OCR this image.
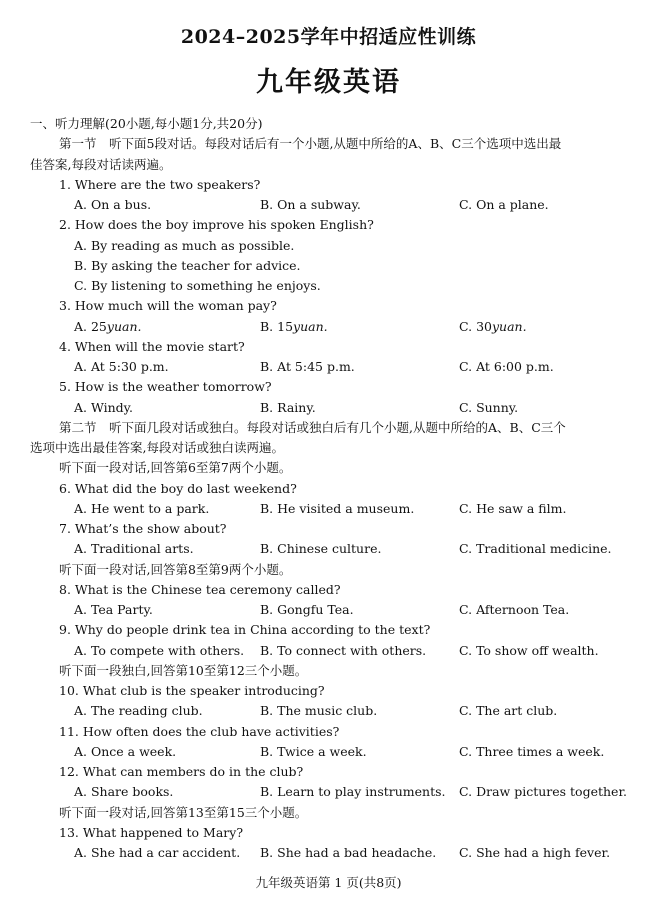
2024–2025学年中招适应性训练
九年级英语
一、听力理解(20小题,每小题1分,共20分)
第一节　听下面5段对话。每段对话后有一个小题,从题中所给的A、B、C三个选项中选出最
佳答案,每段对话读两遍。
1. Where are the two speakers?
A. On a bus.	B. On a subway.	C. On a plane.
2. How does the boy improve his spoken English?
A. By reading as much as possible.
B. By asking the teacher for advice.
C. By listening to something he enjoys.
3. How much will the woman pay?
A. 25yuan.	B. 15yuan.	C. 30yuan.
4. When will the movie start?
A. At 5:30 p.m.	B. At 5:45 p.m.	C. At 6:00 p.m.
5. How is the weather tomorrow?
A. Windy.	B. Rainy.	C. Sunny.
第二节　听下面几段对话或独白。每段对话或独白后有几个小题,从题中所给的A、B、C三个
选项中选出最佳答案,每段对话或独白读两遍。
听下面一段对话,回答第6至第7两个小题。
6. What did the boy do last weekend?
A. He went to a park.	B. He visited a museum.	C. He saw a film.
7. What’s the show about?
A. Traditional arts.	B. Chinese culture.	C. Traditional medicine.
听下面一段对话,回答第8至第9两个小题。
8. What is the Chinese tea ceremony called?
A. Tea Party.	B. Gongfu Tea.	C. Afternoon Tea.
9. Why do people drink tea in China according to the text?
A. To compete with others.	B. To connect with others.	C. To show off wealth.
听下面一段独白,回答第10至第12三个小题。
10. What club is the speaker introducing?
A. The reading club.	B. The music club.	C. The art club.
11. How often does the club have activities?
A. Once a week.	B. Twice a week.	C. Three times a week.
12. What can members do in the club?
A. Share books.	B. Learn to play instruments.	C. Draw pictures together.
听下面一段对话,回答第13至第15三个小题。
13. What happened to Mary?
A. She had a car accident.	B. She had a bad headache.	C. She had a high fever.
九年级英语第 1 页(共8页)
